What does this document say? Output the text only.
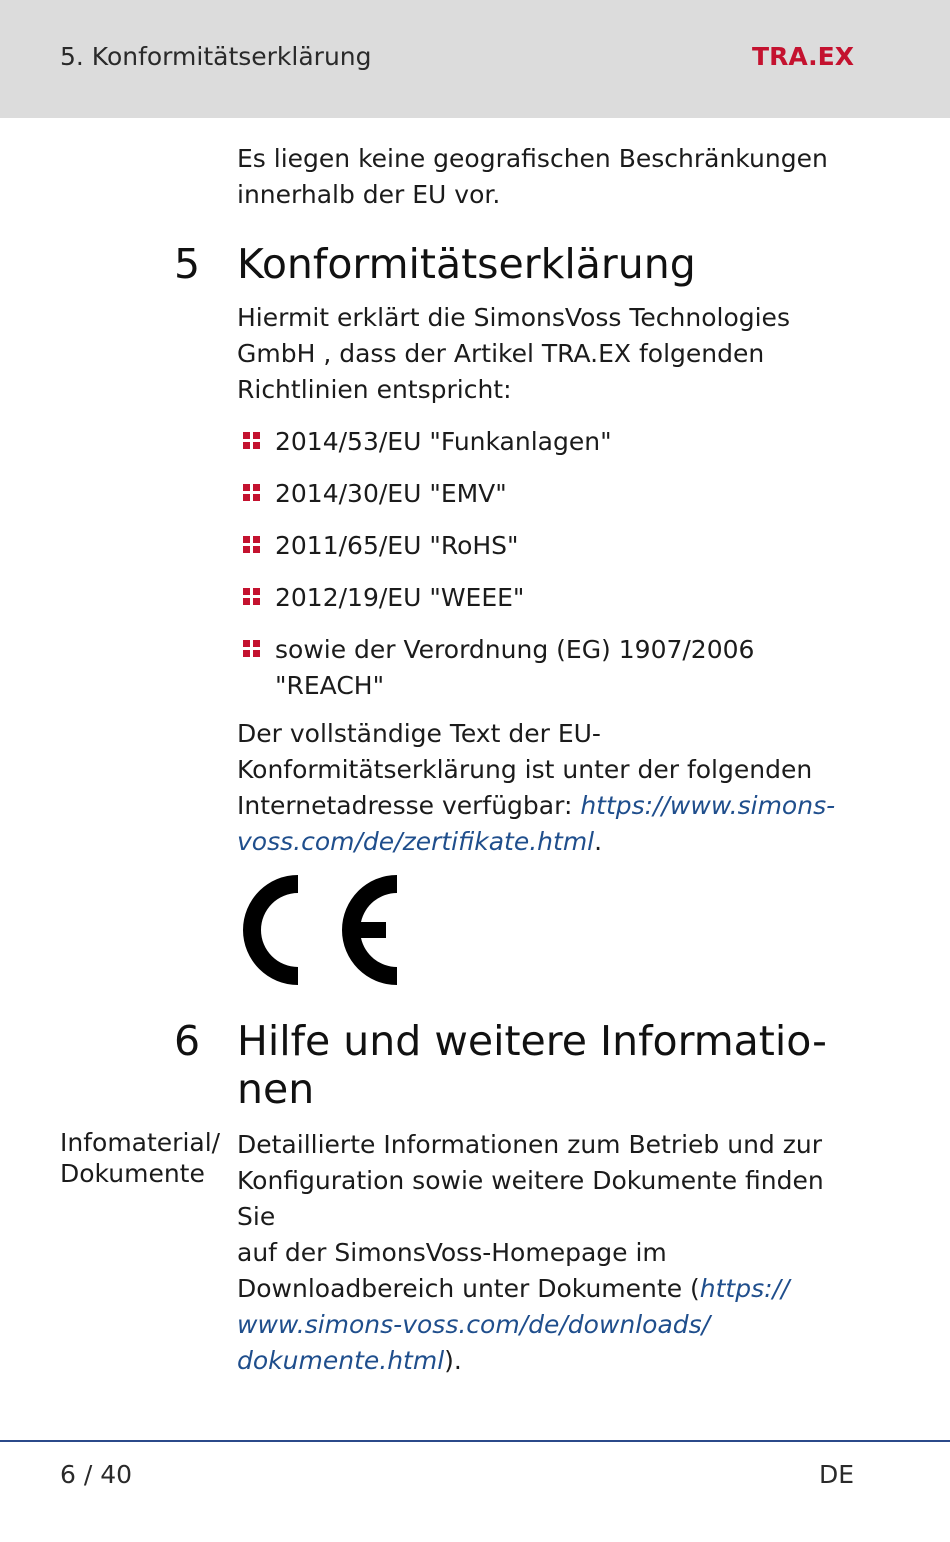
5. Konformitätserklärung	TRA.EX
Es liegen keine geografischen Beschränkungen
innerhalb der EU vor.
5 Konformitätserklärung
Hiermit erklärt die SimonsVoss Technologies
GmbH , dass der Artikel TRA.EX folgenden
Richtlinien entspricht:
2014/53/EU "Funkanlagen"
2014/30/EU "EMV"
2011/65/EU "RoHS"
2012/19/EU "WEEE"
sowie der Verordnung (EG) 1907/2006
"REACH"
Der vollständige Text der EU-
Konformitätserklärung ist unter der folgenden
Internetadresse verfügbar: https://www.simons-
voss.com/de/zertifikate.html.
6 Hilfe und weitere Informatio-
nen
Infomaterial/
Dokumente
Detaillierte Informationen zum Betrieb und zur
Konfiguration sowie weitere Dokumente finden Sie
auf der SimonsVoss-Homepage im
Downloadbereich unter Dokumente (https://
www.simons-voss.com/de/downloads/
dokumente.html).
6 / 40	DE
